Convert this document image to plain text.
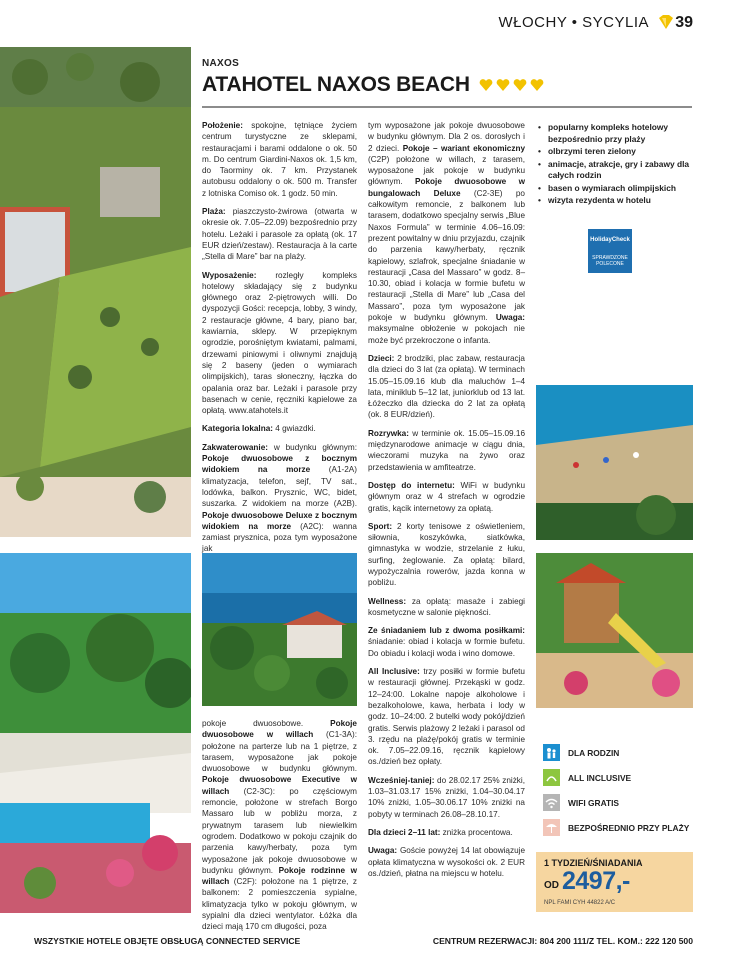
WŁOCHY • SYCYLIA 39
NAXOS
ATAHOTEL NAXOS BEACH

Położenie: spokojne, tętniące życiem centrum turystyczne ze sklepami, restauracjami i barami oddalone o ok. 50 m. Do centrum Giardini-Naxos ok. 1,5 km, do Taorminy ok. 7 km. Przystanek autobusu oddalony o ok. 500 m. Transfer z lotniska Comiso ok. 1 godz. 50 min.

Plaża: piaszczysto-żwirowa (otwarta w okresie ok. 7.05–22.09) bezpośrednio przy hotelu. Leżaki i parasole za opłatą (ok. 17 EUR dzień/zestaw). Restauracja à la carte „Stella di Mare” bar na plaży.

Wyposażenie: rozległy kompleks hotelowy składający się z budynku głównego oraz 2-piętrowych willi. Do dyspozycji Gości: recepcja, lobby, 3 windy, 2 restauracje główne, 4 bary, piano bar, kawiarnia, sklepy. W przepięknym ogrodzie, porośniętym kwiatami, palmami, drzewami piniowymi i oliwnymi znajdują się 2 baseny (jeden o wymiarach olimpijskich), taras słoneczny, łączka do opalania oraz bar. Leżaki i parasole przy basenach w cenie, ręczniki kąpielowe za opłatą. www.atahotels.it

Kategoria lokalna: 4 gwiazdki.

Zakwaterowanie: w budynku głównym: Pokoje dwuosobowe z bocznym widokiem na morze (A1-2A) klimatyzacja, telefon, sejf, TV sat., lodówka, balkon. Prysznic, WC, bidet, suszarka. Z widokiem na morze (A2B). Pokoje dwuosobowe Deluxe z bocznym widokiem na morze (A2C): wanna zamiast prysznica, poza tym wyposażone jak

pokoje dwuosobowe. Pokoje dwuosobowe w willach (C1-3A): położone na parterze lub na 1 piętrze, z tarasem, wyposażone jak pokoje dwuosobowe w budynku głównym. Pokoje dwuosobowe Executive w willach (C2-3C): po częściowym remoncie, położone w strefach Borgo Massaro lub w pobliżu morza, z prywatnym tarasem lub niewielkim ogrodem. Dodatkowo w pokoju czajnik do parzenia kawy/herbaty, poza tym wyposażone jak pokoje dwuosobowe w budynku głównym. Pokoje rodzinne w willach (C2F): położone na 1 piętrze, z balkonem: 2 pomieszczenia sypialne, klimatyzacja tylko w pokoju głównym, w sypialni dla dzieci wentylator. Łóżka dla dzieci mają 170 cm długości, poza

tym wyposażone jak pokoje dwuosobowe w budynku głównym. Dla 2 os. dorosłych i 2 dzieci. Pokoje – wariant ekonomiczny (C2P) położone w willach, z tarasem, wyposażone jak pokoje w budynku głównym. Pokoje dwuosobowe w bungalowach Deluxe (C2-3E) po całkowitym remoncie, z balkonem lub tarasem, dodatkowo specjalny serwis „Blue Naxos Formula” w terminie 4.06–16.09: prezent powitalny w dniu przyjazdu, czajnik do parzenia kawy/herbaty, ręcznik kąpielowy, szlafrok, specjalne śniadanie w restauracji „Casa del Massaro” w godz. 8–10.30, obiad i kolacja w formie bufetu w restauracji „Stella di Mare” lub „Casa del Massaro”, poza tym wyposażone jak pokoje w budynku głównym. Uwaga: maksymalne obłożenie w pokojach nie może być przekroczone o infanta.

Dzieci: 2 brodziki, plac zabaw, restauracja dla dzieci do 3 lat (za opłatą). W terminach 15.05–15.09.16 klub dla maluchów 1–4 lata, miniklub 5–12 lat, juniorklub od 13 lat. Łóżeczko dla dziecka do 2 lat za opłatą (ok. 8 EUR/dzień).

Rozrywka: w terminie ok. 15.05–15.09.16 międzynarodowe animacje w ciągu dnia, wieczorami muzyka na żywo oraz przedstawienia w amfiteatrze.

Dostęp do internetu: WiFi w budynku głównym oraz w 4 strefach w ogrodzie gratis, kącik internetowy za opłatą.

Sport: 2 korty tenisowe z oświetleniem, siłownia, koszykówka, siatkówka, gimnastyka w wodzie, strzelanie z łuku, surfing, żeglowanie. Za opłatą: bilard, wypożyczalnia rowerów, jazda konna w pobliżu.

Wellness: za opłatą: masaże i zabiegi kosmetyczne w salonie piękności.

Ze śniadaniem lub z dwoma posiłkami: śniadanie: obiad i kolacja w formie bufetu. Do obiadu i kolacji woda i wino domowe.

All Inclusive: trzy posiłki w formie bufetu w restauracji głównej. Przekąski w godz. 12–24:00. Lokalne napoje alkoholowe i bezalkoholowe, kawa, herbata i lody w godz. 10–24:00. 2 butelki wody pokój/dzień gratis. Serwis plażowy 2 leżaki i parasol od 3. rzędu na plażę/pokój gratis w terminie ok. 7.05–22.09.16, ręcznik kąpielowy os./dzień bez opłaty.

Wcześniej-taniej: do 28.02.17 25% zniżki, 1.03–31.03.17 15% zniżki, 1.04–30.04.17 10% zniżki, 1.05–30.06.17 10% zniżki na pobyty w terminach 26.08–28.10.17.

Dla dzieci 2–11 lat: zniżka procentowa.

Uwaga: Goście powyżej 14 lat obowiązuje opłata klimatyczna w wysokości ok. 2 EUR os./dzień, płatna na miejscu w hotelu.

• popularny kompleks hotelowy bezpośrednio przy plaży
• olbrzymi teren zielony
• animacje, atrakcje, gry i zabawy dla całych rodzin
• basen o wymiarach olimpijskich
• wizyta rezydenta w hotelu
HolidayCheck
SPRAWDZONE POLECONE
DLA RODZIN
ALL INCLUSIVE
WIFI GRATIS
BEZPOŚREDNIO PRZY PLAŻY
1 TYDZIEŃ/ŚNIADANIA
OD 2497,-
NPL FAMI CYH 44822 A/C
WSZYSTKIE HOTELE OBJĘTE OBSŁUGĄ CONNECTED SERVICE	CENTRUM REZERWACJI: 804 200 111/Z TEL. KOM.: 222 120 500
